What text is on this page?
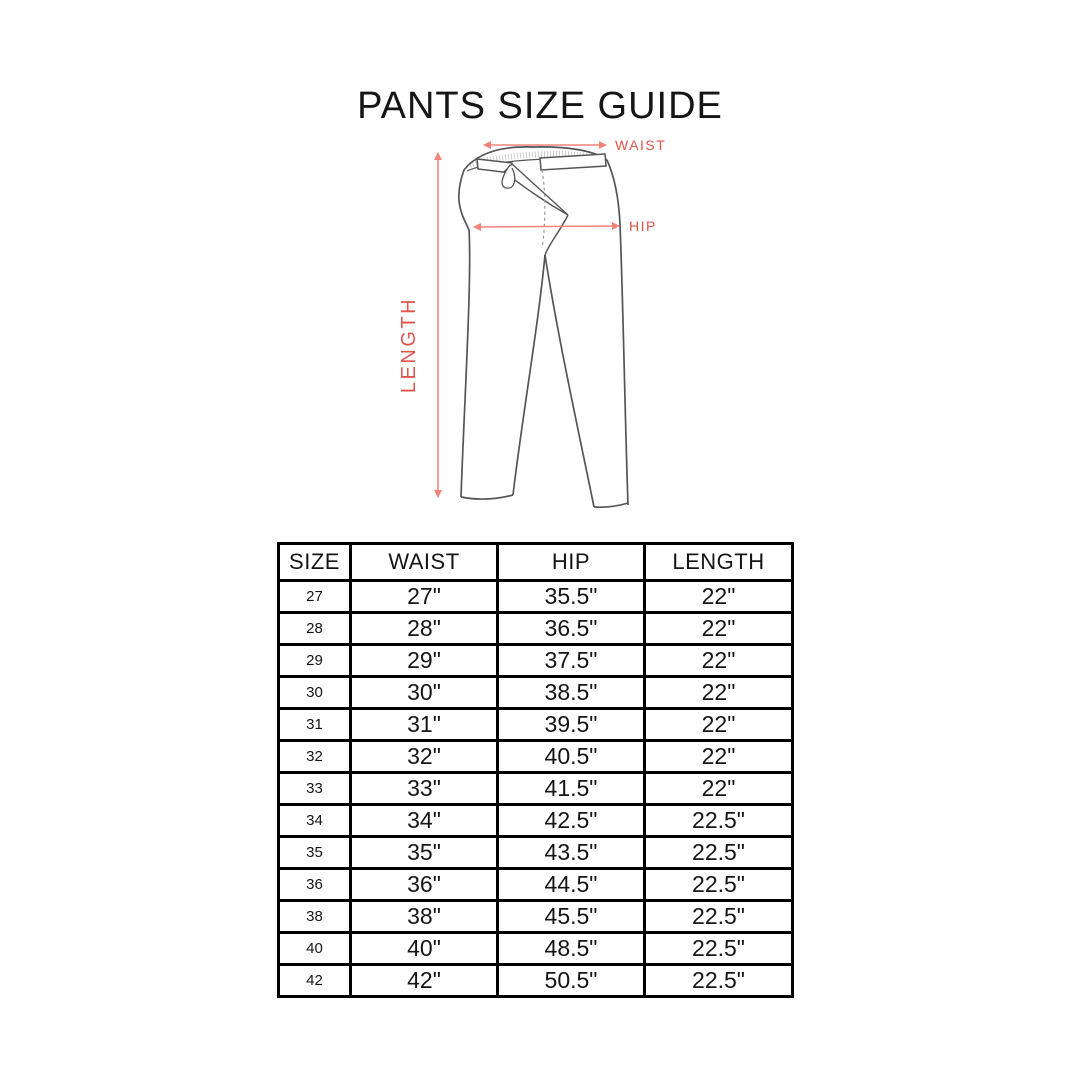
PANTS SIZE GUIDE
WAIST
HIP
LENGTH
SIZE	WAIST	HIP	LENGTH
27	27"	35.5"	22"
28	28"	36.5"	22"
29	29"	37.5"	22"
30	30"	38.5"	22"
31	31"	39.5"	22"
32	32"	40.5"	22"
33	33"	41.5"	22"
34	34"	42.5"	22.5"
35	35"	43.5"	22.5"
36	36"	44.5"	22.5"
38	38"	45.5"	22.5"
40	40"	48.5"	22.5"
42	42"	50.5"	22.5"
